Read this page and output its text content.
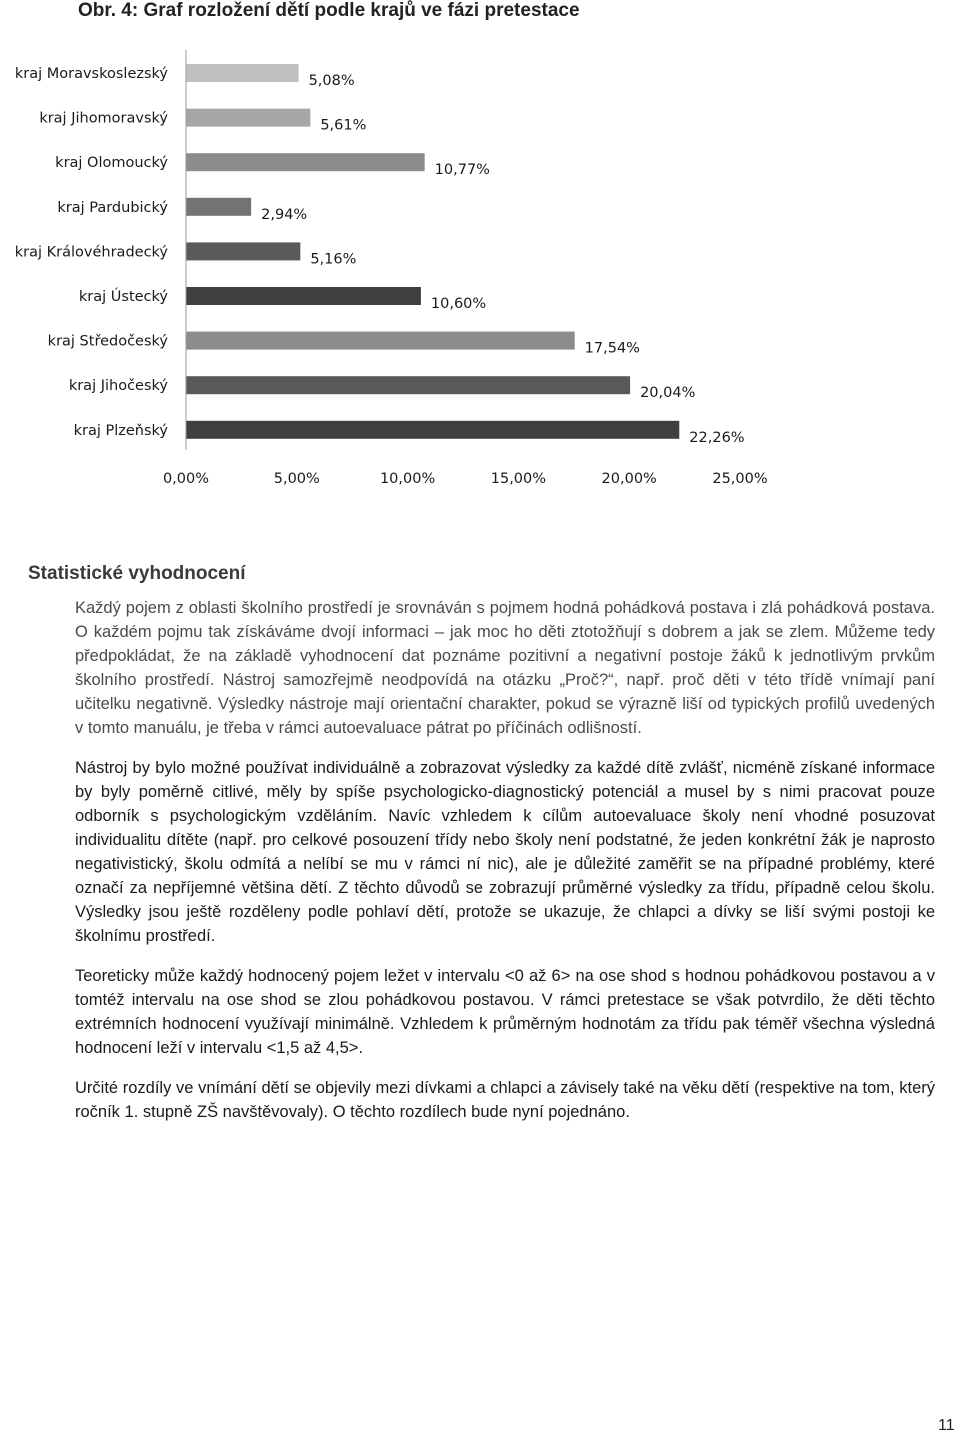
Obr. 4: Graf rozložení dětí podle krajů ve fázi pretestace
kraj Moravskoslezský
kraj Jihomoravský
kraj Olomoucký
kraj Pardubický
kraj Královéhradecký
kraj Ústecký
kraj Středočeský
kraj Jihočeský
kraj Plzeňský
5,08%
5,61%
10,77%
2,94%
5,16%
10,60%
17,54%
20,04%
22,26%
0,00%	5,00%	10,00%	15,00%	20,00%	25,00%
Statistické vyhodnocení

Každý pojem z oblasti školního prostředí je srovnáván s pojmem hodná pohádková postava i zlá pohádková postava. O každém pojmu tak získáváme dvojí informaci – jak moc ho děti ztotožňují s dobrem a jak se zlem. Můžeme tedy předpokládat, že na základě vyhodnocení dat poznáme pozitivní a negativní postoje žáků k jednotlivým prvkům školního prostředí. Nástroj samozřejmě neodpovídá na otázku „Proč?“, např. proč děti v této třídě vnímají paní učitelku negativně. Výsledky nástroje mají orientační charakter, pokud se výrazně liší od typických profilů uvedených v tomto manuálu, je třeba v rámci autoevaluace pátrat po příčinách odlišností.

Nástroj by bylo možné používat individuálně a zobrazovat výsledky za každé dítě zvlášť, nicméně získané informace by byly poměrně citlivé, měly by spíše psychologicko-diagnostický potenciál a musel by s nimi pracovat pouze odborník s psychologickým vzděláním. Navíc vzhledem k cílům autoevaluace školy není vhodné posuzovat individualitu dítěte (např. pro celkové posouzení třídy nebo školy není podstatné, že jeden konkrétní žák je naprosto negativistický, školu odmítá a nelíbí se mu v rámci ní nic), ale je důležité zaměřit se na případné problémy, které označí za nepříjemné většina dětí. Z těchto důvodů se zobrazují průměrné výsledky za třídu, případně celou školu. Výsledky jsou ještě rozděleny podle pohlaví dětí, protože se ukazuje, že chlapci a dívky se liší svými postoji ke školnímu prostředí.

Teoreticky může každý hodnocený pojem ležet v intervalu <0 až 6> na ose shod s hodnou pohádkovou postavou a v tomtéž intervalu na ose shod se zlou pohádkovou postavou. V rámci pretestace se však potvrdilo, že děti těchto extrémních hodnocení využívají minimálně. Vzhledem k průměrným hodnotám za třídu pak téměř všechna výsledná hodnocení leží v intervalu <1,5 až 4,5>.

Určité rozdíly ve vnímání dětí se objevily mezi dívkami a chlapci a závisely také na věku dětí (respektive na tom, který ročník 1. stupně ZŠ navštěvovaly). O těchto rozdílech bude nyní pojednáno.

11
